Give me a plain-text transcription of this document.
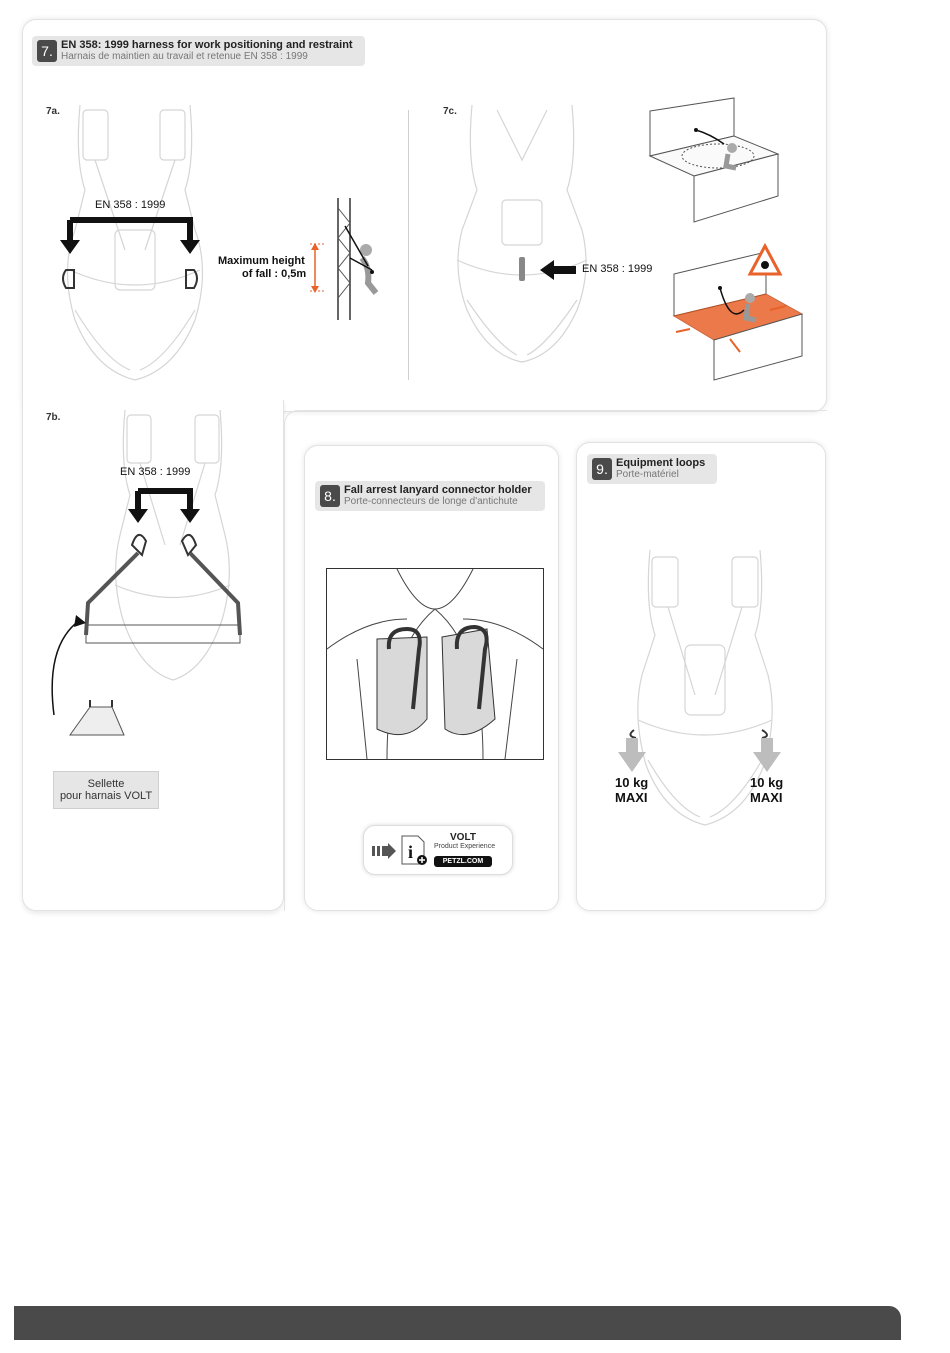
7. EN 358: 1999 harness for work positioning and restraint
Harnais de maintien au travail et retenue EN 358 : 1999
7a.
EN 358 : 1999
Maximum height
of fall : 0,5m
7c.
EN 358 : 1999
7b.
EN 358 : 1999
Sellette
pour harnais VOLT
8. Fall arrest lanyard connector holder
Porte-connecteurs de longe d'antichute
i
VOLT
Product Experience
PETZL.COM
9. Equipment loops
Porte-matériel
10 kg
MAXI
10 kg
MAXI
